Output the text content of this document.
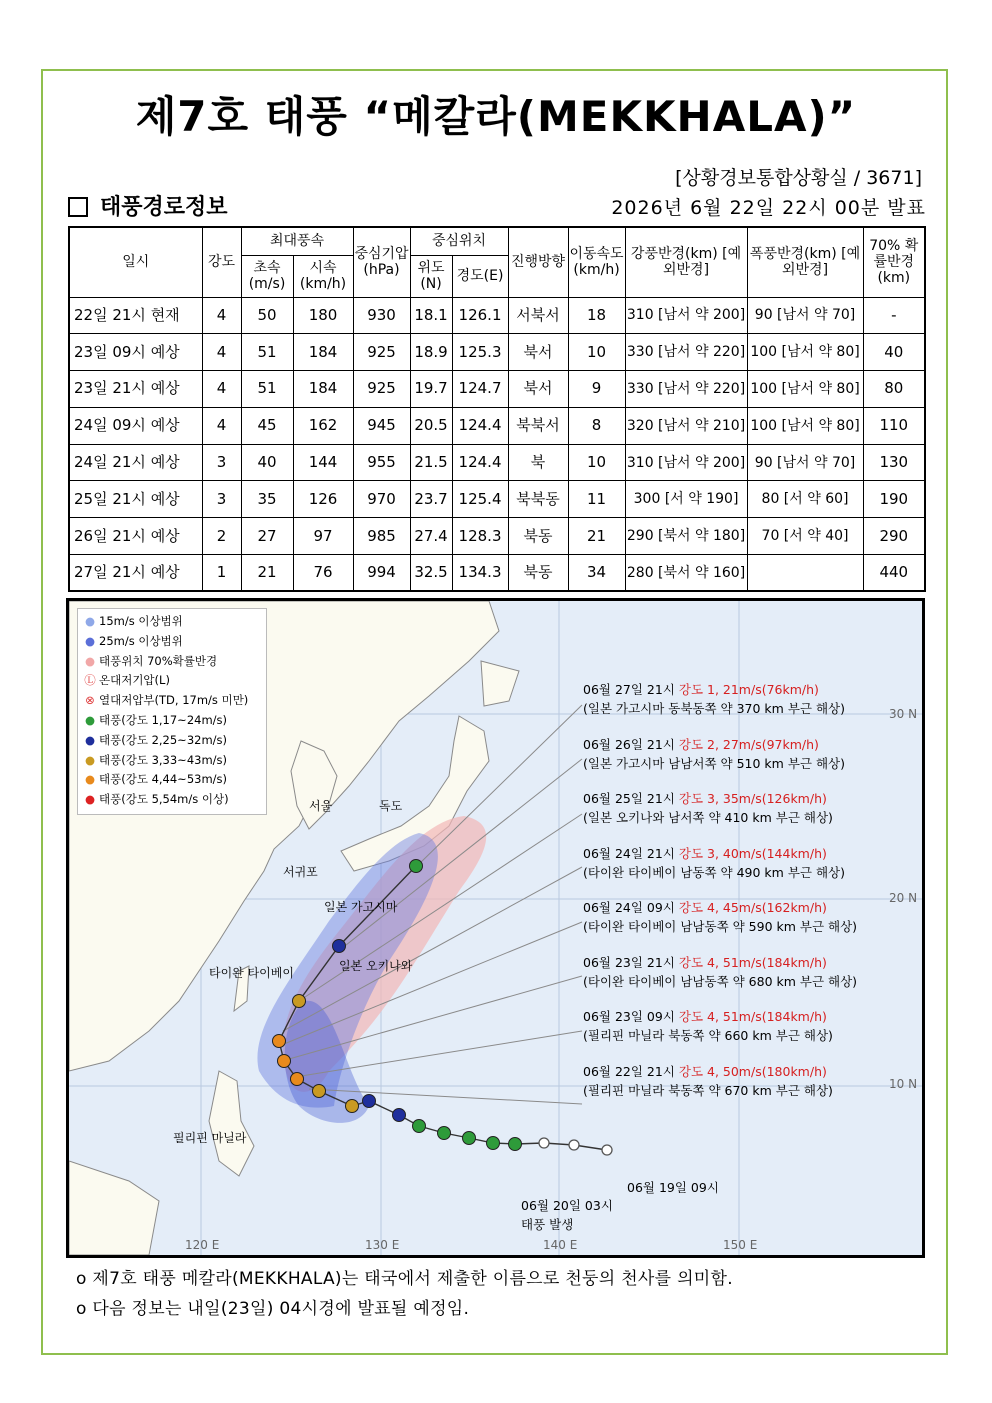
제7호 태풍 “메칼라(MEKKHALA)”
[상황경보통합상황실 / 3671]
태풍경로정보	2026년 6월 22일 22시 00분 발표
일시	강도	최대풍속		중심기압(hPa)	중심위치		진행방향	이동속도(km/h)	강풍반경(km) [예외반경]	폭풍반경(km) [예외반경]	70% 확률반경(km)
		초속(m/s)	시속(km/h)		위도(N)	경도(E)					
22일 21시 현재	4	50	180	930	18.1	126.1	서북서	18	310 [남서 약 200]	90 [남서 약 70]	-
23일 09시 예상	4	51	184	925	18.9	125.3	북서	10	330 [남서 약 220]	100 [남서 약 80]	40
23일 21시 예상	4	51	184	925	19.7	124.7	북서	9	330 [남서 약 220]	100 [남서 약 80]	80
24일 09시 예상	4	45	162	945	20.5	124.4	북북서	8	320 [남서 약 210]	100 [남서 약 80]	110
24일 21시 예상	3	40	144	955	21.5	124.4	북	10	310 [남서 약 200]	90 [남서 약 70]	130
25일 21시 예상	3	35	126	970	23.7	125.4	북북동	11	300 [서 약 190]	80 [서 약 60]	190
26일 21시 예상	2	27	97	985	27.4	128.3	북동	21	290 [북서 약 180]	70 [서 약 40]	290
27일 21시 예상	1	21	76	994	32.5	134.3	북동	34	280 [북서 약 160]		440
● 15m/s 이상범위
● 25m/s 이상범위
● 태풍위치 70%확률반경
Ⓛ 온대저기압(L)
⊗ 열대저압부(TD, 17m/s 미만)
● 태풍(강도 1,17~24m/s)
● 태풍(강도 2,25~32m/s)
● 태풍(강도 3,33~43m/s)
● 태풍(강도 4,44~53m/s)
● 태풍(강도 5,54m/s 이상)
06월 27일 21시 강도 1, 21m/s(76km/h)
(일본 가고시마 동북동쪽 약 370 km 부근 해상)
06월 26일 21시 강도 2, 27m/s(97km/h)
(일본 가고시마 남남서쪽 약 510 km 부근 해상)
06월 25일 21시 강도 3, 35m/s(126km/h)
(일본 오키나와 남서쪽 약 410 km 부근 해상)
06월 24일 21시 강도 3, 40m/s(144km/h)
(타이완 타이베이 남동쪽 약 490 km 부근 해상)
06월 24일 09시 강도 4, 45m/s(162km/h)
(타이완 타이베이 남남동쪽 약 590 km 부근 해상)
06월 23일 21시 강도 4, 51m/s(184km/h)
(타이완 타이베이 남남동쪽 약 680 km 부근 해상)
06월 23일 09시 강도 4, 51m/s(184km/h)
(필리핀 마닐라 북동쪽 약 660 km 부근 해상)
06월 22일 21시 강도 4, 50m/s(180km/h)
(필리핀 마닐라 북동쪽 약 670 km 부근 해상)
서울	독도
서귀포
일본 가고시마
일본 오키나와
타이완 타이베이
필리핀 마닐라
30 N
20 N
10 N
120 E	130 E	140 E	150 E
06월 19일 09시
06월 20일 03시
태풍 발생
o 제7호 태풍 메칼라(MEKKHALA)는 태국에서 제출한 이름으로 천둥의 천사를 의미함.
o 다음 정보는 내일(23일) 04시경에 발표될 예정임.
